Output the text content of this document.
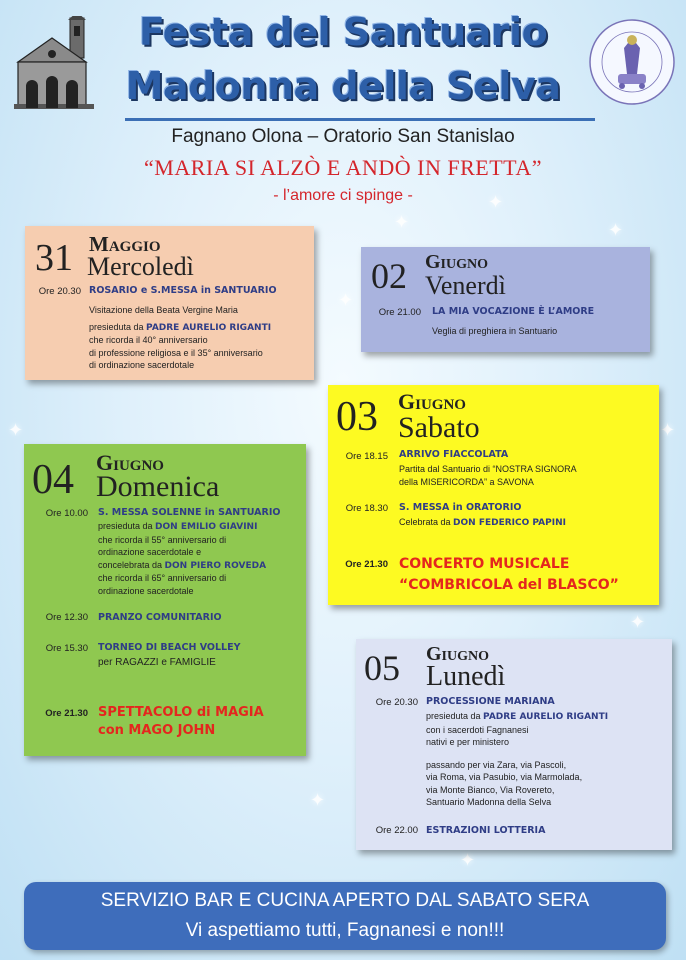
✦
✦
✦
✦
✦
✦
✦
✦
✦
Festa del Santuario
Madonna della Selva
Fagnano Olona – Oratorio San Stanislao
“MARIA SI ALZÒ E ANDÒ IN FRETTA”
- l’amore ci spinge -
31 Maggio
Mercoledì
Ore 20.30 ROSARIO e S.MESSA in SANTUARIO
Visitazione della Beata Vergine Maria
presieduta da PADRE AURELIO RIGANTI
che ricorda il 40° anniversario
di professione religiosa e il 35° anniversario
di ordinazione sacerdotale
02 Giugno
Venerdì
Ore 21.00 LA MIA VOCAZIONE È L’AMORE
Veglia di preghiera in Santuario
03 Giugno
Sabato
Ore 18.15 ARRIVO FIACCOLATA
Partita dal Santuario di “NOSTRA SIGNORA
della MISERICORDA” a SAVONA
Ore 18.30 S. MESSA in ORATORIO
Celebrata da DON FEDERICO PAPINI
Ore 21.30 CONCERTO MUSICALE
“COMBRICOLA del BLASCO”
04 Giugno
Domenica
Ore 10.00 S. MESSA SOLENNE in SANTUARIO
presieduta da DON EMILIO GIAVINI
che ricorda il 55° anniversario di
ordinazione sacerdotale e
concelebrata da DON PIERO ROVEDA
che ricorda il 65° anniversario di
ordinazione sacerdotale
Ore 12.30 PRANZO COMUNITARIO
Ore 15.30 TORNEO DI BEACH VOLLEY
per RAGAZZI e FAMIGLIE
Ore 21.30 SPETTACOLO di MAGIA
con MAGO JOHN
05 Giugno
Lunedì
Ore 20.30 PROCESSIONE MARIANA
presieduta da PADRE AURELIO RIGANTI
con i sacerdoti Fagnanesi
nativi e per ministero
passando per via Zara, via Pascoli,
via Roma, via Pasubio, via Marmolada,
via Monte Bianco, Via Rovereto,
Santuario Madonna della Selva
Ore 22.00 ESTRAZIONI LOTTERIA
SERVIZIO BAR E CUCINA APERTO DAL SABATO SERA
Vi aspettiamo tutti, Fagnanesi e non!!!
